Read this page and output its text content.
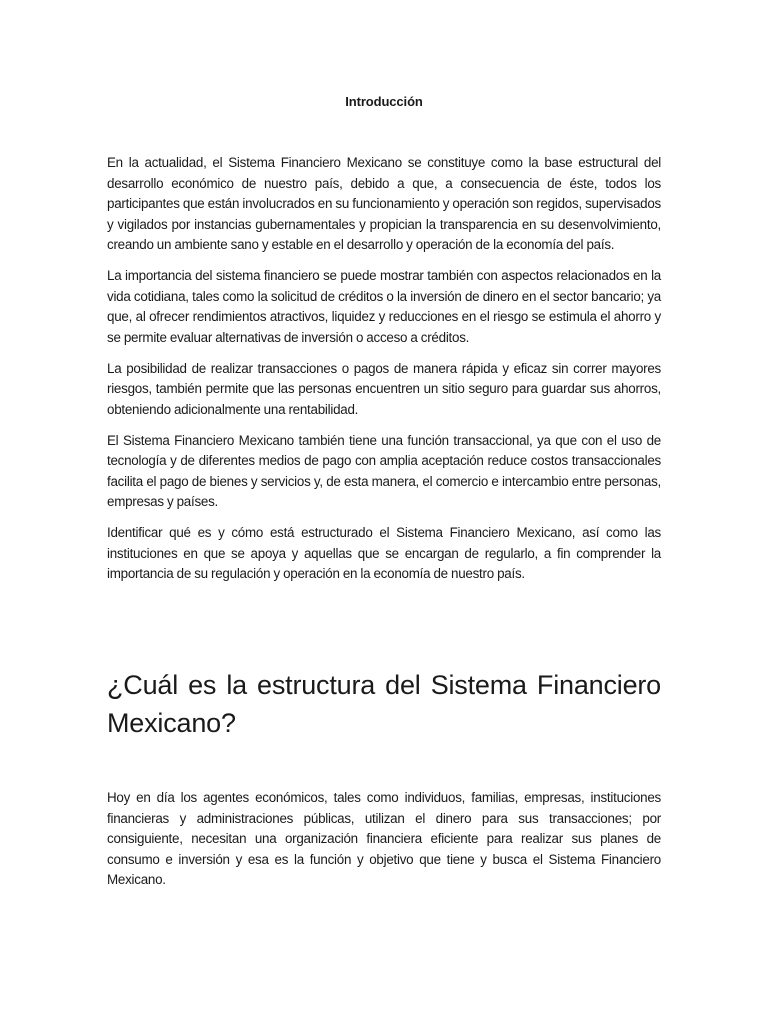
Introducción

En la actualidad, el Sistema Financiero Mexicano se constituye como la base estructural del desarrollo económico de nuestro país, debido a que, a consecuencia de éste, todos los participantes que están involucrados en su funcionamiento y operación son regidos, supervisados y vigilados por instancias gubernamentales y propician la transparencia en su desenvolvimiento, creando un ambiente sano y estable en el desarrollo y operación de la economía del país.

La importancia del sistema financiero se puede mostrar también con aspectos relacionados en la vida cotidiana, tales como la solicitud de créditos o la inversión de dinero en el sector bancario; ya que, al ofrecer rendimientos atractivos, liquidez y reducciones en el riesgo se estimula el ahorro y se permite evaluar alternativas de inversión o acceso a créditos.

La posibilidad de realizar transacciones o pagos de manera rápida y eficaz sin correr mayores riesgos, también permite que las personas encuentren un sitio seguro para guardar sus ahorros, obteniendo adicionalmente una rentabilidad.

El Sistema Financiero Mexicano también tiene una función transaccional, ya que con el uso de tecnología y de diferentes medios de pago con amplia aceptación reduce costos transaccionales facilita el pago de bienes y servicios y, de esta manera, el comercio e intercambio entre personas, empresas y países.

Identificar qué es y cómo está estructurado el Sistema Financiero Mexicano, así como las instituciones en que se apoya y aquellas que se encargan de regularlo, a fin comprender la importancia de su regulación y operación en la economía de nuestro país.

¿Cuál es la estructura del Sistema Financiero Mexicano?

Hoy en día los agentes económicos, tales como individuos, familias, empresas, instituciones financieras y administraciones públicas, utilizan el dinero para sus transacciones; por consiguiente, necesitan una organización financiera eficiente para realizar sus planes de consumo e inversión y esa es la función y objetivo que tiene y busca el Sistema Financiero Mexicano.
